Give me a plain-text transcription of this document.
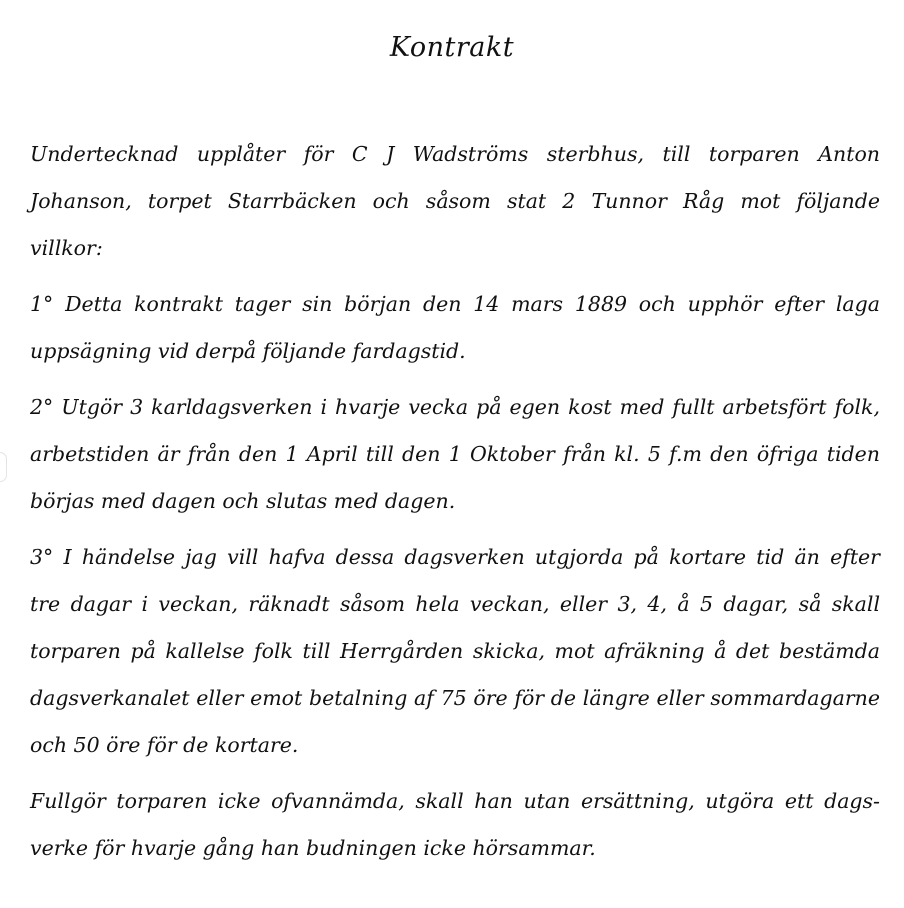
Kontrakt
Undertecknad upplåter för C J Wadströms sterbhus, till torparen Anton
Johanson, torpet Starrbäcken och såsom stat 2 Tunnor Råg mot följande
villkor:
1° Detta kontrakt tager sin början den 14 mars 1889 och upphör efter laga
uppsägning vid derpå följande fardagstid.
2° Utgör 3 karldagsverken i hvarje vecka på egen kost med fullt arbetsfört folk,
arbetstiden är från den 1 April till den 1 Oktober från kl. 5 f.m den öfriga tiden
börjas med dagen och slutas med dagen.
3° I händelse jag vill hafva dessa dagsverken utgjorda på kortare tid än efter
tre dagar i veckan, räknadt såsom hela veckan, eller 3, 4, å 5 dagar, så skall
torparen på kallelse folk till Herrgården skicka, mot afräkning å det bestämda
dagsverkanalet eller emot betalning af 75 öre för de längre eller sommardagarne
och 50 öre för de kortare.
Fullgör torparen icke ofvannämda, skall han utan ersättning, utgöra ett dags-
verke för hvarje gång han budningen icke hörsammar.
